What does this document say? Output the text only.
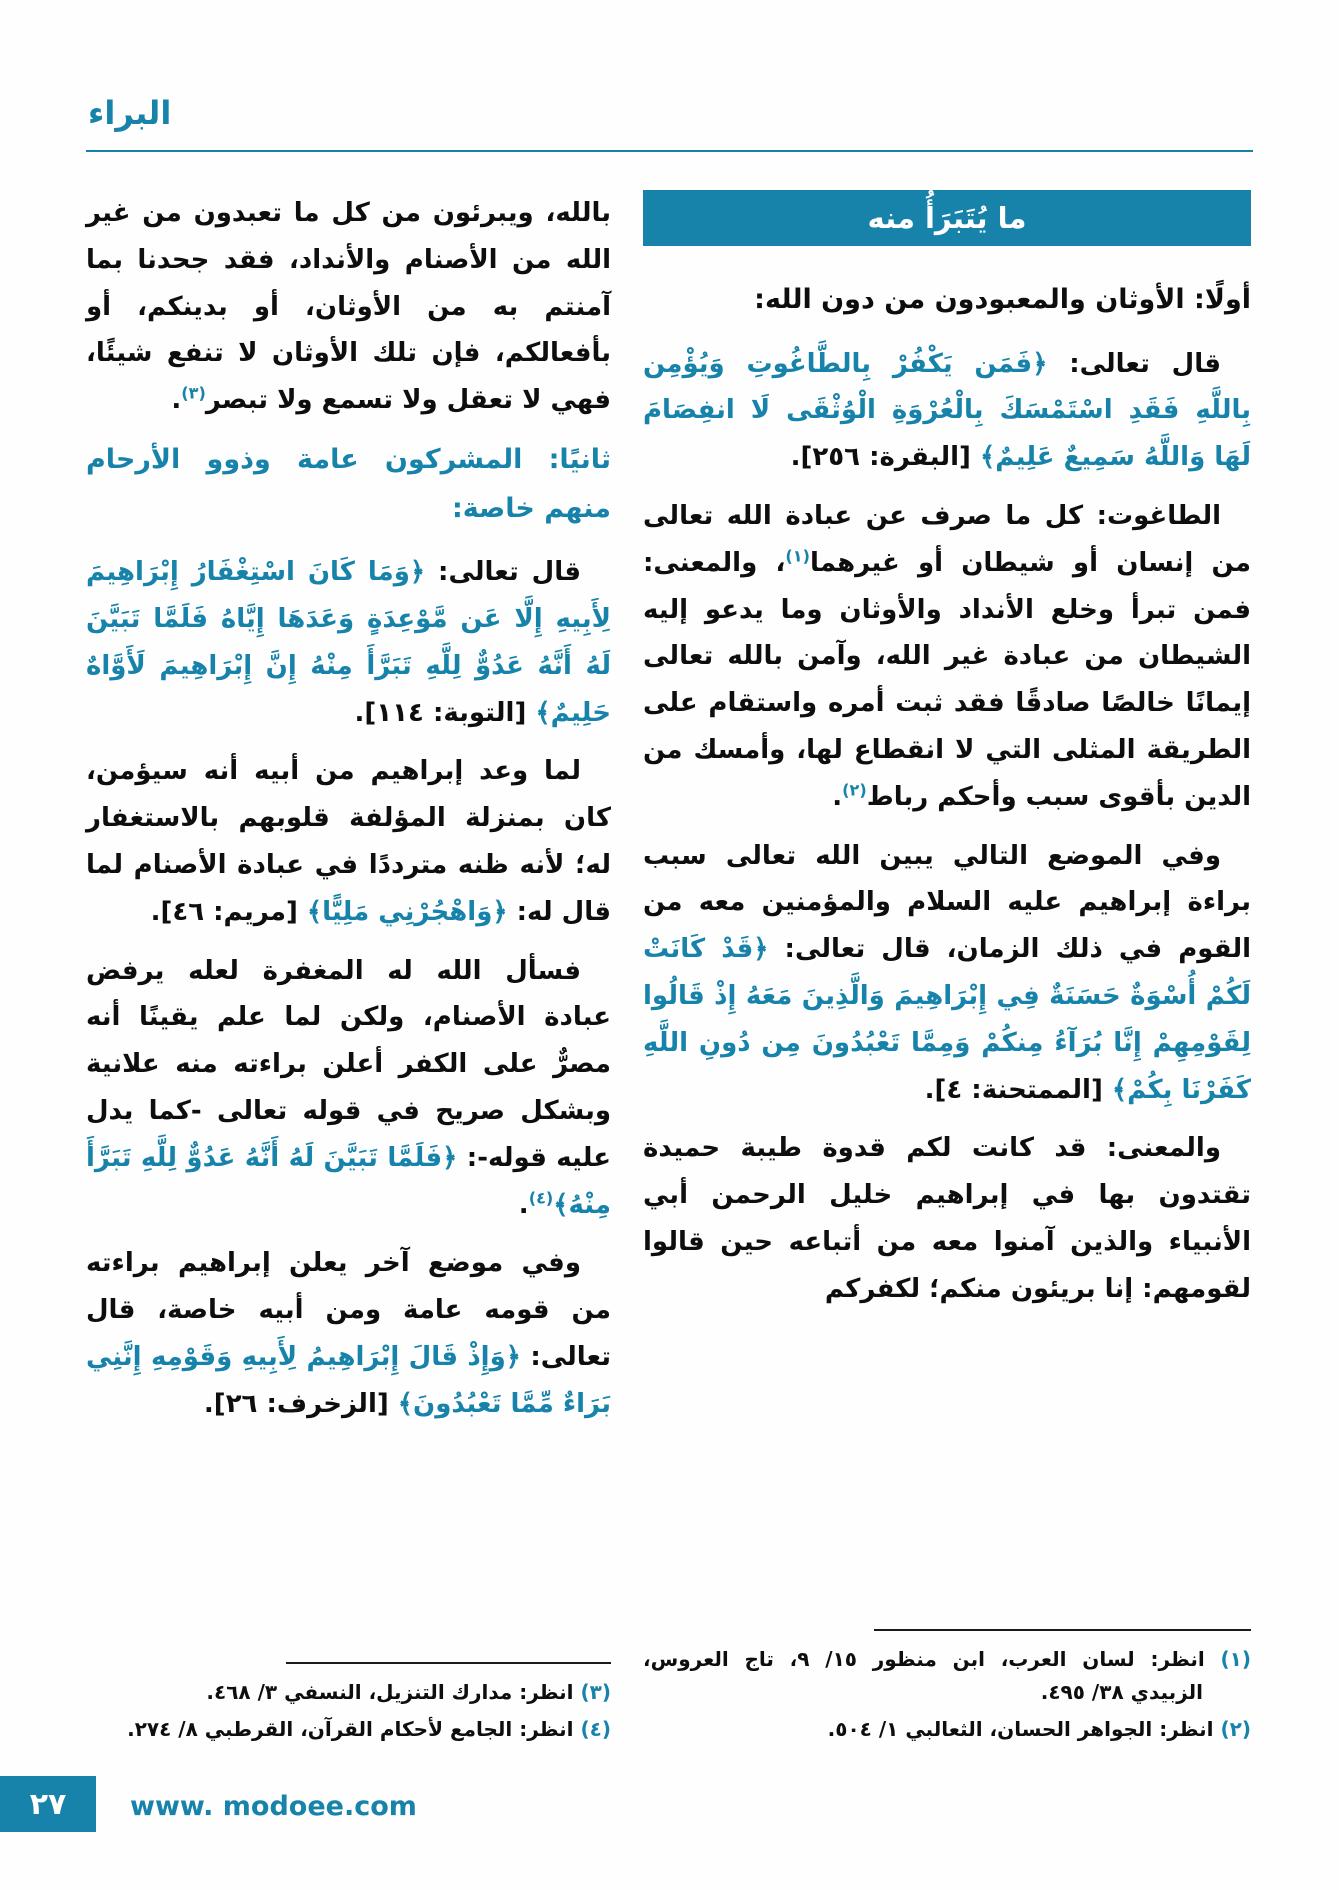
البراء
ما يُتَبَرَأُ منه

أولًا: الأوثان والمعبودون من دون الله:

قال تعالى: ﴿فَمَن يَكْفُرْ بِالطَّاغُوتِ وَيُؤْمِن بِاللَّهِ فَقَدِ اسْتَمْسَكَ بِالْعُرْوَةِ الْوُثْقَى لَا انفِصَامَ لَهَا وَاللَّهُ سَمِيعٌ عَلِيمٌ﴾ [البقرة: ٢٥٦].

الطاغوت: كل ما صرف عن عبادة الله تعالى من إنسان أو شيطان أو غيرهما$^{(١)}$، والمعنى: فمن تبرأ وخلع الأنداد والأوثان وما يدعو إليه الشيطان من عبادة غير الله، وآمن بالله تعالى إيمانًا خالصًا صادقًا فقد ثبت أمره واستقام على الطريقة المثلى التي لا انقطاع لها، وأمسك من الدين بأقوى سبب وأحكم رباط$^{(٢)}$.

وفي الموضع التالي يبين الله تعالى سبب براءة إبراهيم عليه السلام والمؤمنين معه من القوم في ذلك الزمان، قال تعالى: ﴿قَدْ كَانَتْ لَكُمْ أُسْوَةٌ حَسَنَةٌ فِي إِبْرَاهِيمَ وَالَّذِينَ مَعَهُ إِذْ قَالُوا لِقَوْمِهِمْ إِنَّا بُرَآءُ مِنكُمْ وَمِمَّا تَعْبُدُونَ مِن دُونِ اللَّهِ كَفَرْنَا بِكُمْ﴾ [الممتحنة: ٤].

والمعنى: قد كانت لكم قدوة طيبة حميدة تقتدون بها في إبراهيم خليل الرحمن أبي الأنبياء والذين آمنوا معه من أتباعه حين قالوا لقومهم: إنا بريئون منكم؛ لكفركم

(١) انظر: لسان العرب، ابن منظور ١٥/ ٩، تاج العروس، الزبيدي ٣٨/ ٤٩٥.

(٢) انظر: الجواهر الحسان، الثعالبي ١/ ٥٠٤.

بالله، ويبرئون من كل ما تعبدون من غير الله من الأصنام والأنداد، فقد جحدنا بما آمنتم به من الأوثان، أو بدينكم، أو بأفعالكم، فإن تلك الأوثان لا تنفع شيئًا، فهي لا تعقل ولا تسمع ولا تبصر$^{(٣)}$.

ثانيًا: المشركون عامة وذوو الأرحام منهم خاصة:

قال تعالى: ﴿وَمَا كَانَ اسْتِغْفَارُ إِبْرَاهِيمَ لِأَبِيهِ إِلَّا عَن مَّوْعِدَةٍ وَعَدَهَا إِيَّاهُ فَلَمَّا تَبَيَّنَ لَهُ أَنَّهُ عَدُوٌّ لِلَّهِ تَبَرَّأَ مِنْهُ إِنَّ إِبْرَاهِيمَ لَأَوَّاهٌ حَلِيمٌ﴾ [التوبة: ١١٤].

لما وعد إبراهيم من أبيه أنه سيؤمن، كان بمنزلة المؤلفة قلوبهم بالاستغفار له؛ لأنه ظنه مترددًا في عبادة الأصنام لما قال له: ﴿وَاهْجُرْنِي مَلِيًّا﴾ [مريم: ٤٦].

فسأل الله له المغفرة لعله يرفض عبادة الأصنام، ولكن لما علم يقينًا أنه مصرٌّ على الكفر أعلن براءته منه علانية وبشكل صريح في قوله تعالى -كما يدل عليه قوله-: ﴿فَلَمَّا تَبَيَّنَ لَهُ أَنَّهُ عَدُوٌّ لِلَّهِ تَبَرَّأَ مِنْهُ﴾$^{(٤)}$.

وفي موضع آخر يعلن إبراهيم براءته من قومه عامة ومن أبيه خاصة، قال تعالى: ﴿وَإِذْ قَالَ إِبْرَاهِيمُ لِأَبِيهِ وَقَوْمِهِ إِنَّنِي بَرَاءٌ مِّمَّا تَعْبُدُونَ﴾ [الزخرف: ٢٦].

(٣) انظر: مدارك التنزيل، النسفي ٣/ ٤٦٨.

(٤) انظر: الجامع لأحكام القرآن، القرطبي ٨/ ٢٧٤.

٢٧ www. modoee.com
